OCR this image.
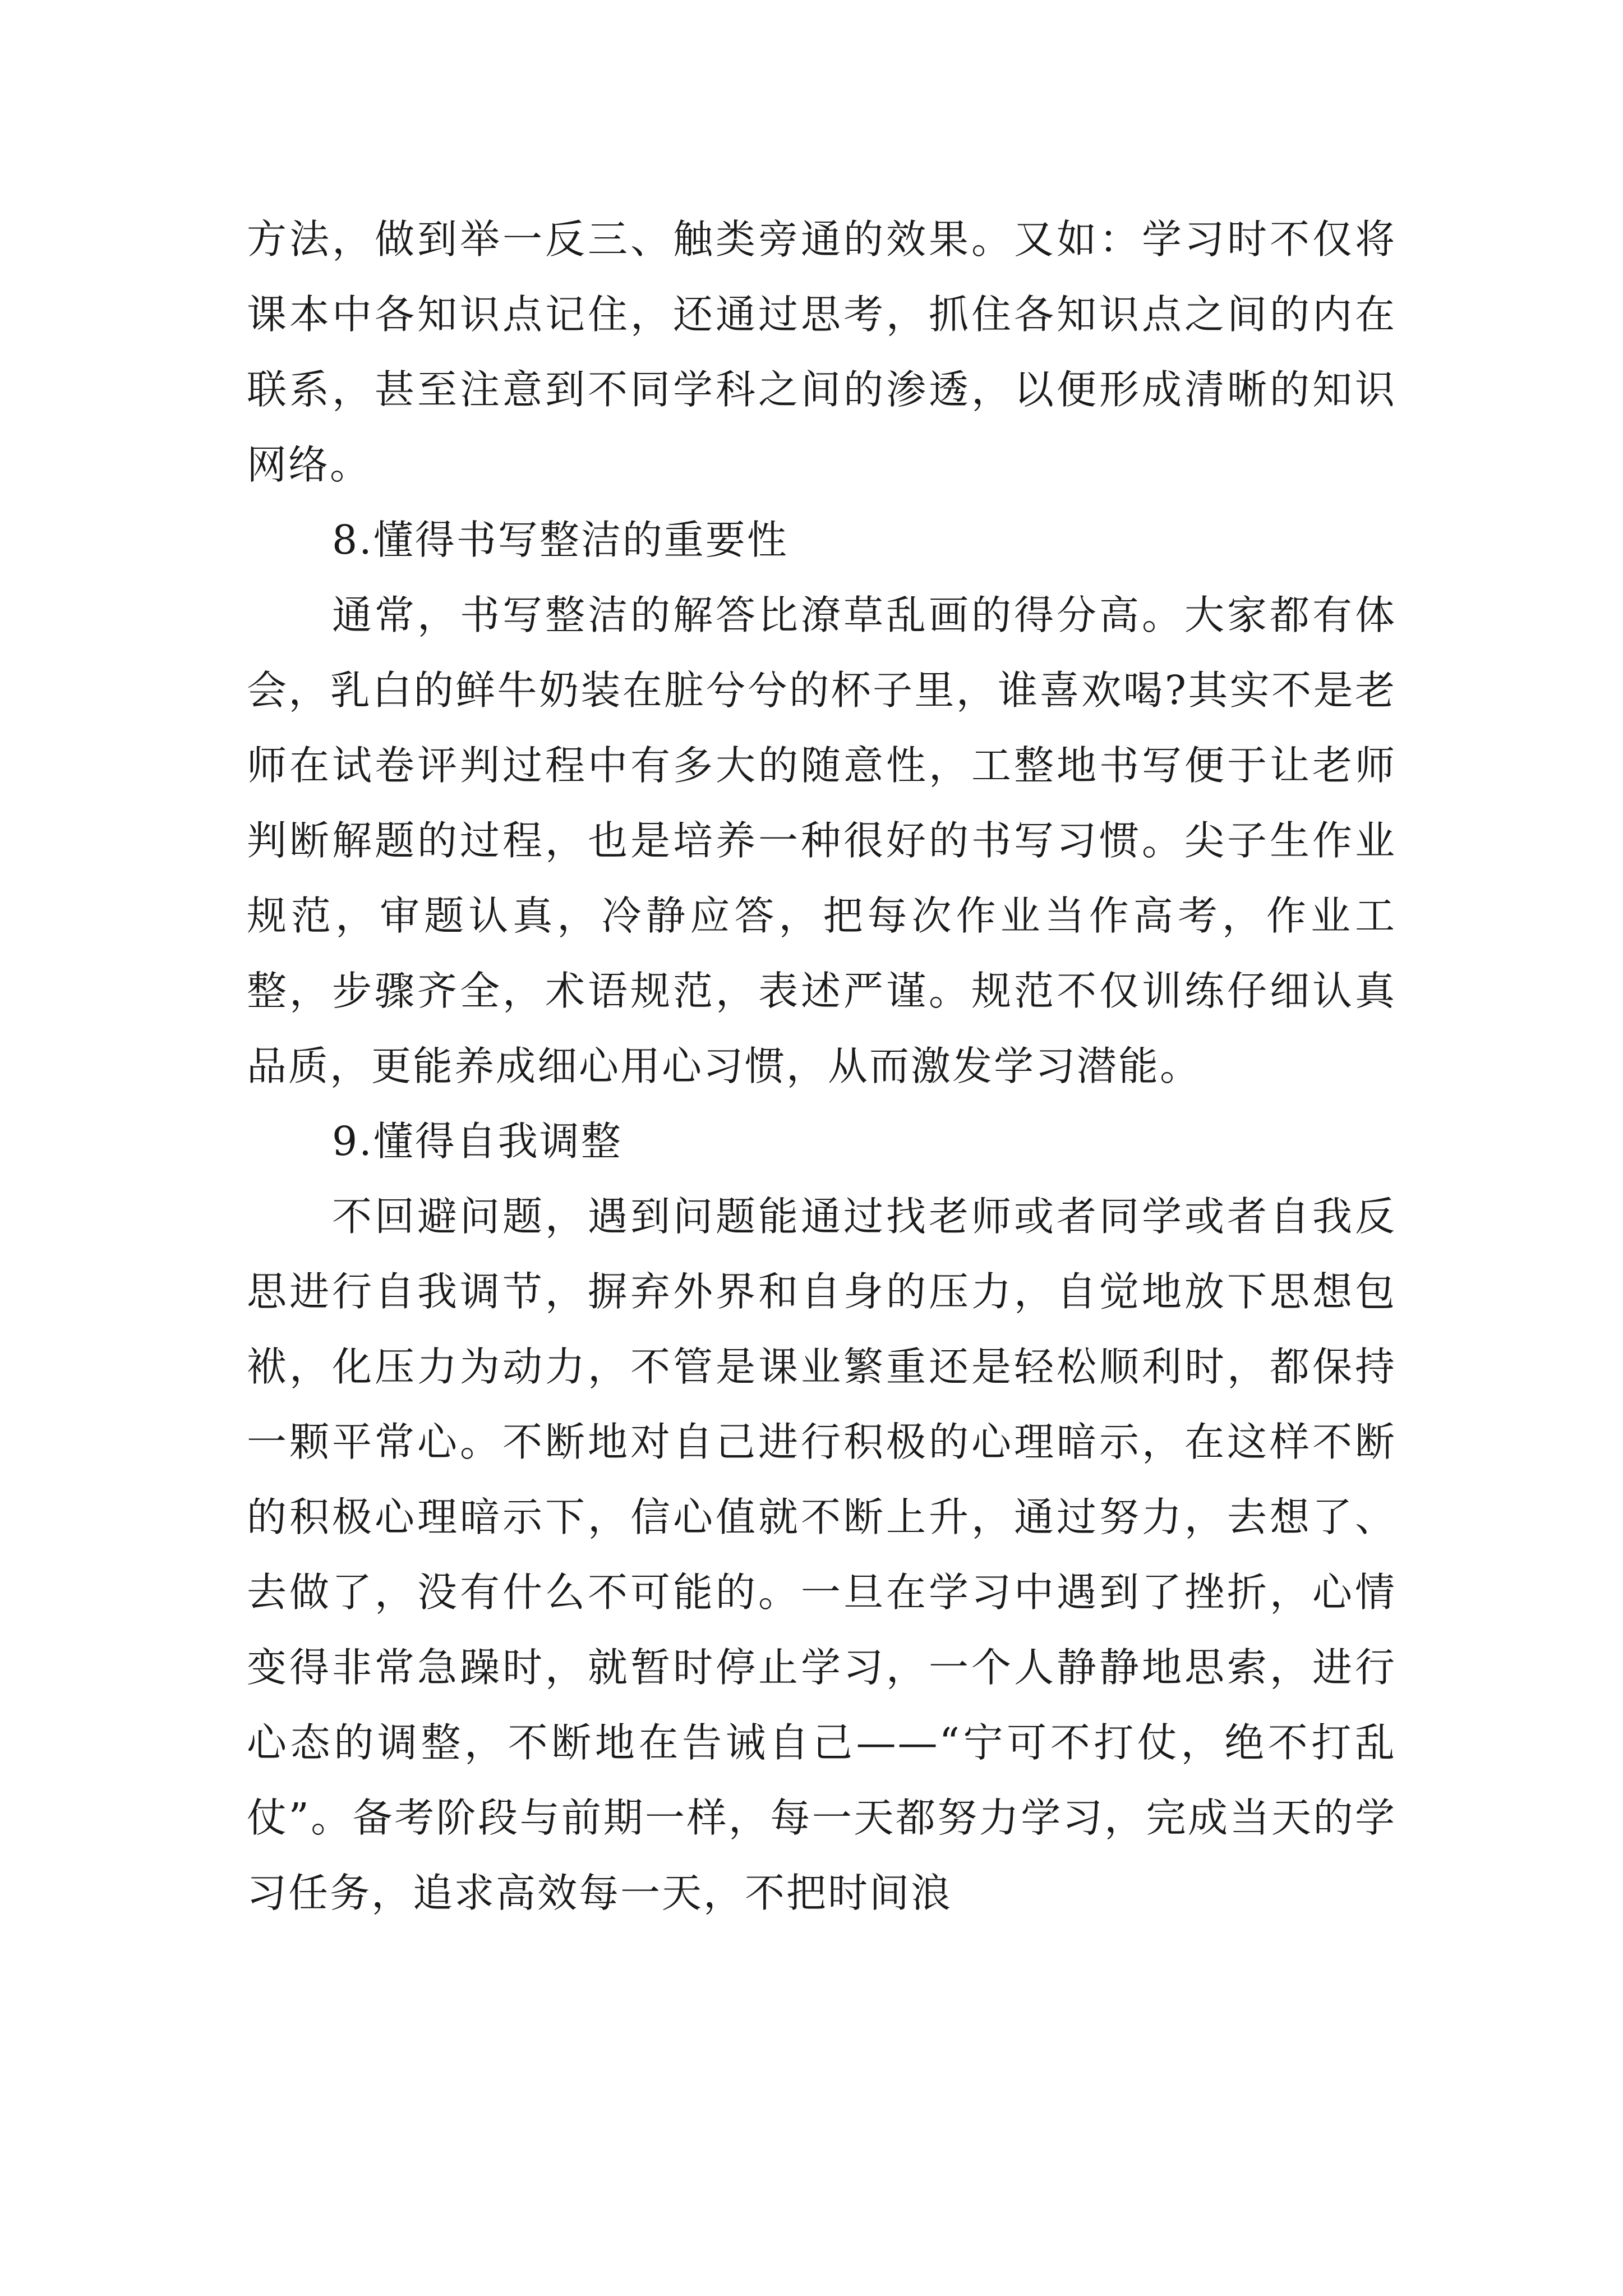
方法，做到举一反三、触类旁通的效果。又如：学习时不仅将课本中各知识点记住，还通过思考，抓住各知识点之间的内在联系，甚至注意到不同学科之间的渗透，以便形成清晰的知识网络。

8.懂得书写整洁的重要性

通常，书写整洁的解答比潦草乱画的得分高。大家都有体会，乳白的鲜牛奶装在脏兮兮的杯子里，谁喜欢喝?其实不是老师在试卷评判过程中有多大的随意性，工整地书写便于让老师判断解题的过程，也是培养一种很好的书写习惯。尖子生作业规范，审题认真，冷静应答，把每次作业当作高考，作业工整，步骤齐全，术语规范，表述严谨。规范不仅训练仔细认真品质，更能养成细心用心习惯，从而激发学习潜能。

9.懂得自我调整

不回避问题，遇到问题能通过找老师或者同学或者自我反思进行自我调节，摒弃外界和自身的压力，自觉地放下思想包袱，化压力为动力，不管是课业繁重还是轻松顺利时，都保持一颗平常心。不断地对自己进行积极的心理暗示，在这样不断的积极心理暗示下，信心值就不断上升，通过努力，去想了、去做了，没有什么不可能的。一旦在学习中遇到了挫折，心情变得非常急躁时，就暂时停止学习，一个人静静地思索，进行心态的调整，不断地在告诫自己——“宁可不打仗，绝不打乱仗”。备考阶段与前期一样，每一天都努力学习，完成当天的学习任务，追求高效每一天，不把时间浪
